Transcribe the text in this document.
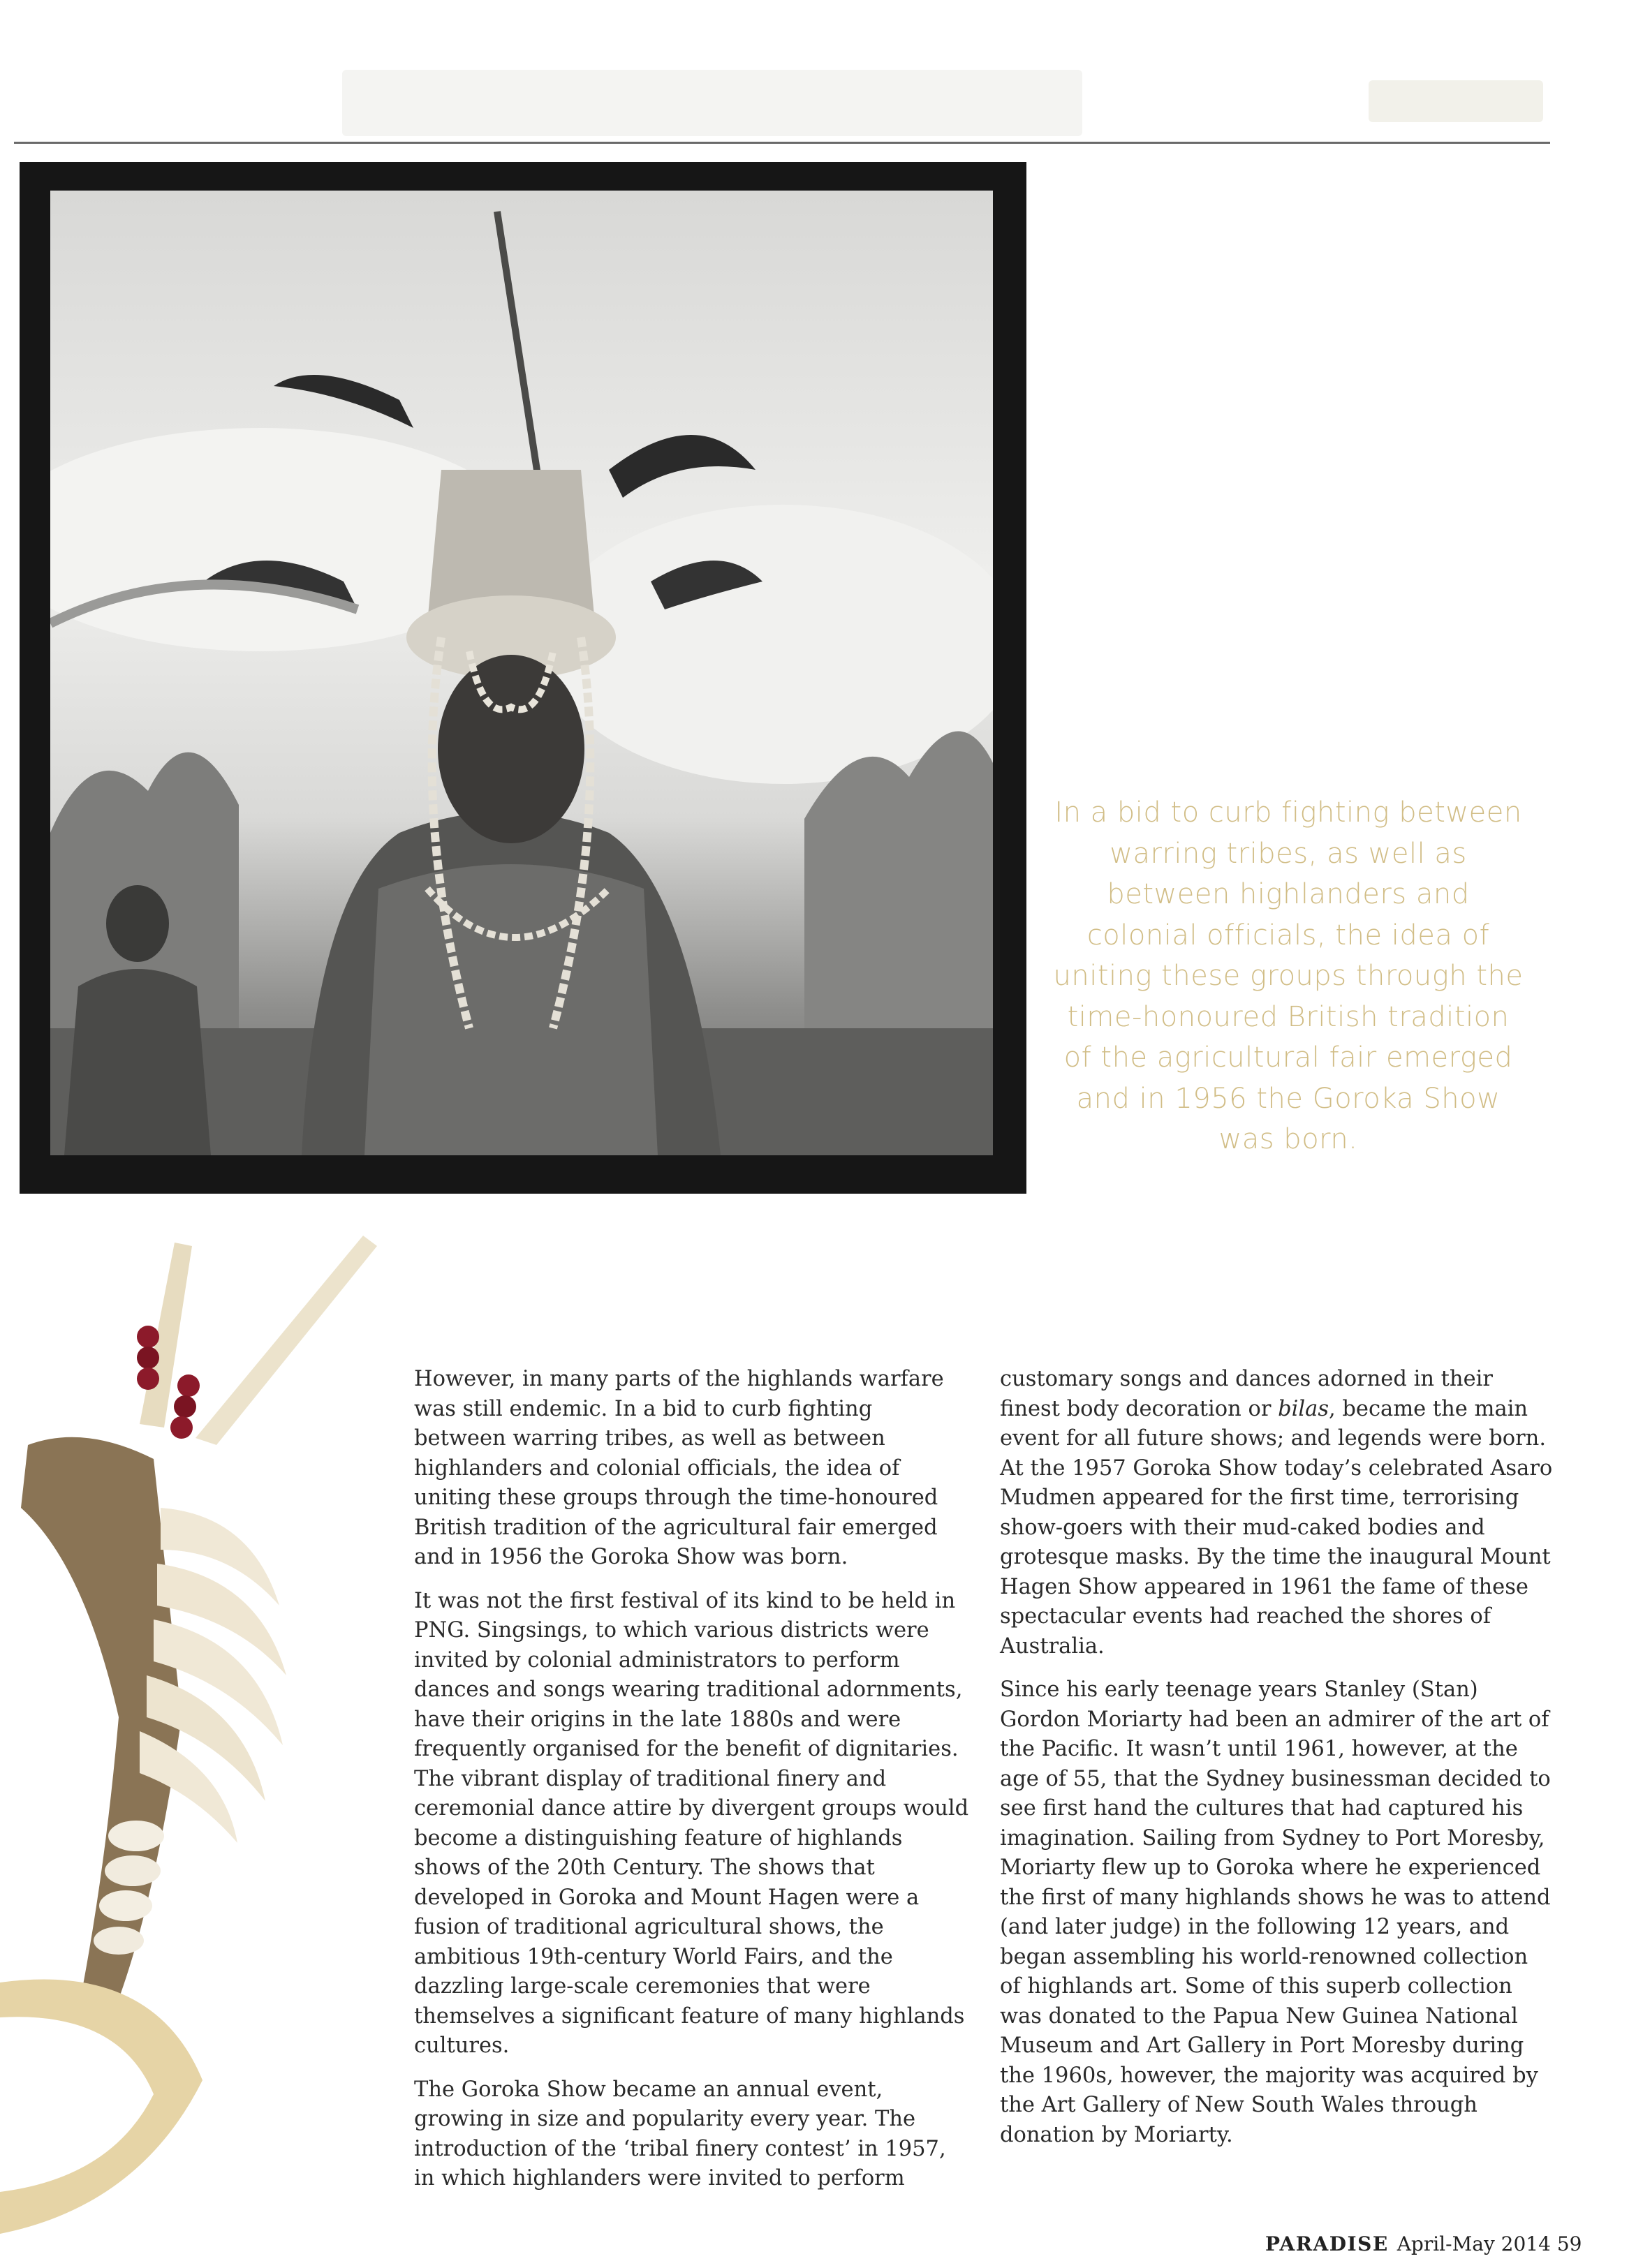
In a bid to curb fighting between warring tribes, as well as between highlanders and colonial officials, the idea of uniting these groups through the time-honoured British tradition of the agricultural fair emerged and in 1956 the Goroka Show was born.

However, in many parts of the highlands warfare was still endemic. In a bid to curb fighting between warring tribes, as well as between highlanders and colonial officials, the idea of uniting these groups through the time-honoured British tradition of the agricultural fair emerged and in 1956 the Goroka Show was born.

It was not the first festival of its kind to be held in PNG. Singsings, to which various districts were invited by colonial administrators to perform dances and songs wearing traditional adornments, have their origins in the late 1880s and were frequently organised for the benefit of dignitaries. The vibrant display of traditional finery and ceremonial dance attire by divergent groups would become a distinguishing feature of highlands shows of the 20th Century. The shows that developed in Goroka and Mount Hagen were a fusion of traditional agricultural shows, the ambitious 19th-century World Fairs, and the dazzling large-scale ceremonies that were themselves a significant feature of many highlands cultures.

The Goroka Show became an annual event, growing in size and popularity every year. The introduction of the ‘tribal finery contest’ in 1957, in which highlanders were invited to perform

customary songs and dances adorned in their finest body decoration or bilas, became the main event for all future shows; and legends were born. At the 1957 Goroka Show today’s celebrated Asaro Mudmen appeared for the first time, terrorising show-goers with their mud-caked bodies and grotesque masks. By the time the inaugural Mount Hagen Show appeared in 1961 the fame of these spectacular events had reached the shores of Australia.

Since his early teenage years Stanley (Stan) Gordon Moriarty had been an admirer of the art of the Pacific. It wasn’t until 1961, however, at the age of 55, that the Sydney businessman decided to see first hand the cultures that had captured his imagination. Sailing from Sydney to Port Moresby, Moriarty flew up to Goroka where he experienced the first of many highlands shows he was to attend (and later judge) in the following 12 years, and began assembling his world-renowned collection of highlands art. Some of this superb collection was donated to the Papua New Guinea National Museum and Art Gallery in Port Moresby during the 1960s, however, the majority was acquired by the Art Gallery of New South Wales through donation by Moriarty.

PARADISE April-May 2014 59
